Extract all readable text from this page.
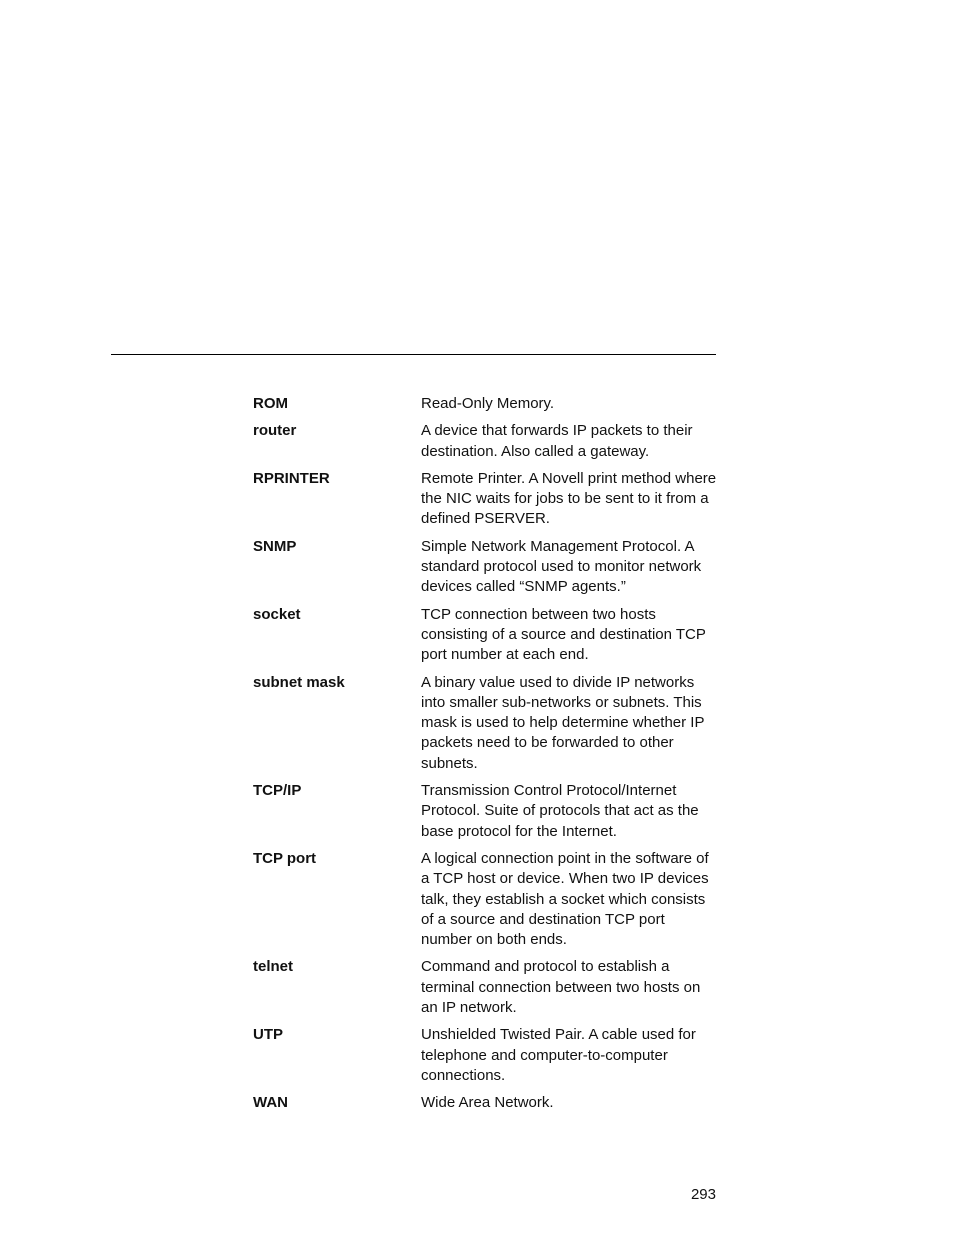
ROM	Read-Only Memory.
router	A device that forwards IP packets to their destination. Also called a gateway.
RPRINTER	Remote Printer. A Novell print method where the NIC waits for jobs to be sent to it from a defined PSERVER.
SNMP	Simple Network Management Protocol. A standard protocol used to monitor network devices called “SNMP agents.”
socket	TCP connection between two hosts consisting of a source and destination TCP port number at each end.
subnet mask	A binary value used to divide IP networks into smaller sub-networks or subnets. This mask is used to help determine whether IP packets need to be forwarded to other subnets.
TCP/IP	Transmission Control Protocol/Internet Protocol. Suite of protocols that act as the base protocol for the Internet.
TCP port	A logical connection point in the software of a TCP host or device. When two IP devices talk, they establish a socket which consists of a source and destination TCP port number on both ends.
telnet	Command and protocol to establish a terminal connection between two hosts on an IP network.
UTP	Unshielded Twisted Pair. A cable used for telephone and computer-to-computer connections.
WAN	Wide Area Network.
293
